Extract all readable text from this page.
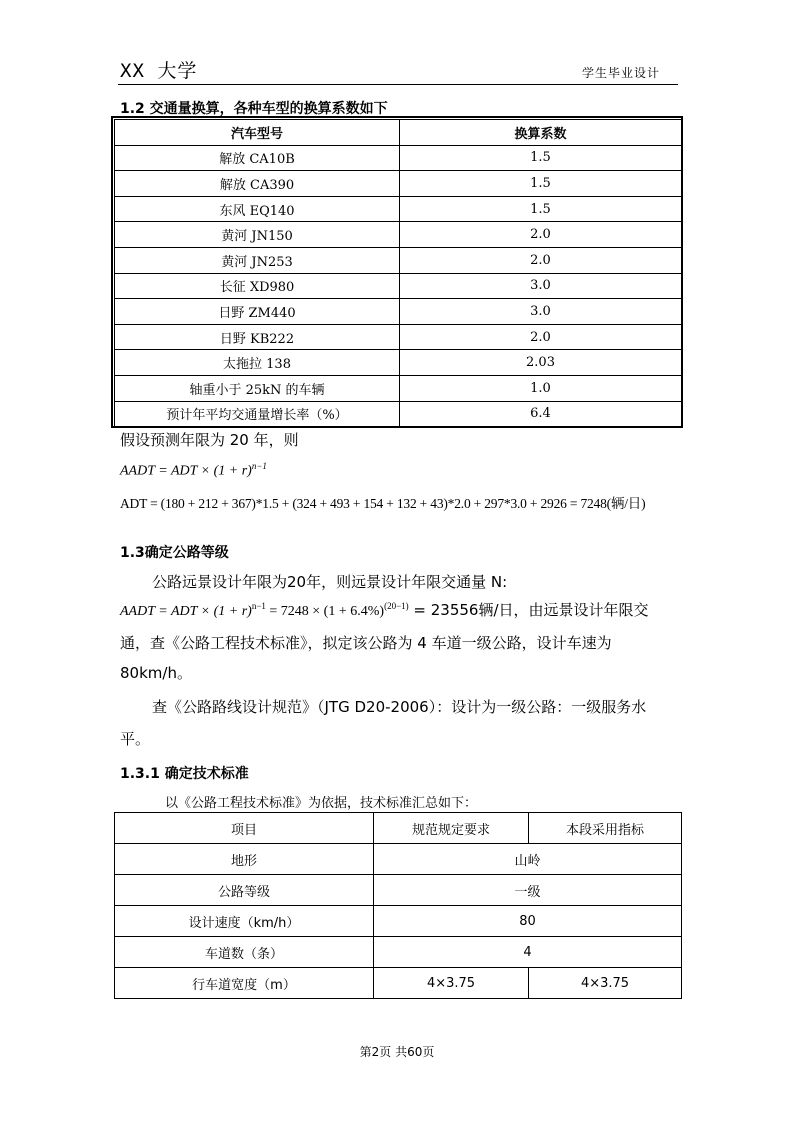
XX 大学	学生毕业设计
1.2 交通量换算，各种车型的换算系数如下
汽车型号	换算系数
解放 CA10B	1.5
解放 CA390	1.5
东风 EQ140	1.5
黄河 JN150	2.0
黄河 JN253	2.0
长征 XD980	3.0
日野 ZM440	3.0
日野 KB222	2.0
太拖拉 138	2.03
轴重小于 25kN 的车辆	1.0
预计年平均交通量增长率（%）	6.4
假设预测年限为 20 年，则
AADT = ADT × $(1 + r)^{n-1}$
ADT = (180 + 212 + 367)*1.5 + (324 + 493 + 154 + 132 + 43)*2.0 + 297*3.0 + 2926 = 7248(辆/日)
1.3确定公路等级
公路远景设计年限为20年，则远景设计年限交通量 N:
AADT = ADT × $(1 + r)^{n-1} = 7248 \times (1 + 6.4\%)^{(20-1)} = 23556$辆/日，由远景设计年限交
通，查《公路工程技术标准》，拟定该公路为 4 车道一级公路，设计车速为
80km/h。
查《公路路线设计规范》（JTG D20-2006）：设计为一级公路：一级服务水
平。
1.3.1 确定技术标准
以《公路工程技术标准》为依据，技术标准汇总如下：
项目	规范规定要求	本段采用指标
地形	山岭	
公路等级	一级	
设计速度（km/h）	80	
车道数（条）	4	
行车道宽度（m）	4×3.75	4×3.75
第2页 共60页
